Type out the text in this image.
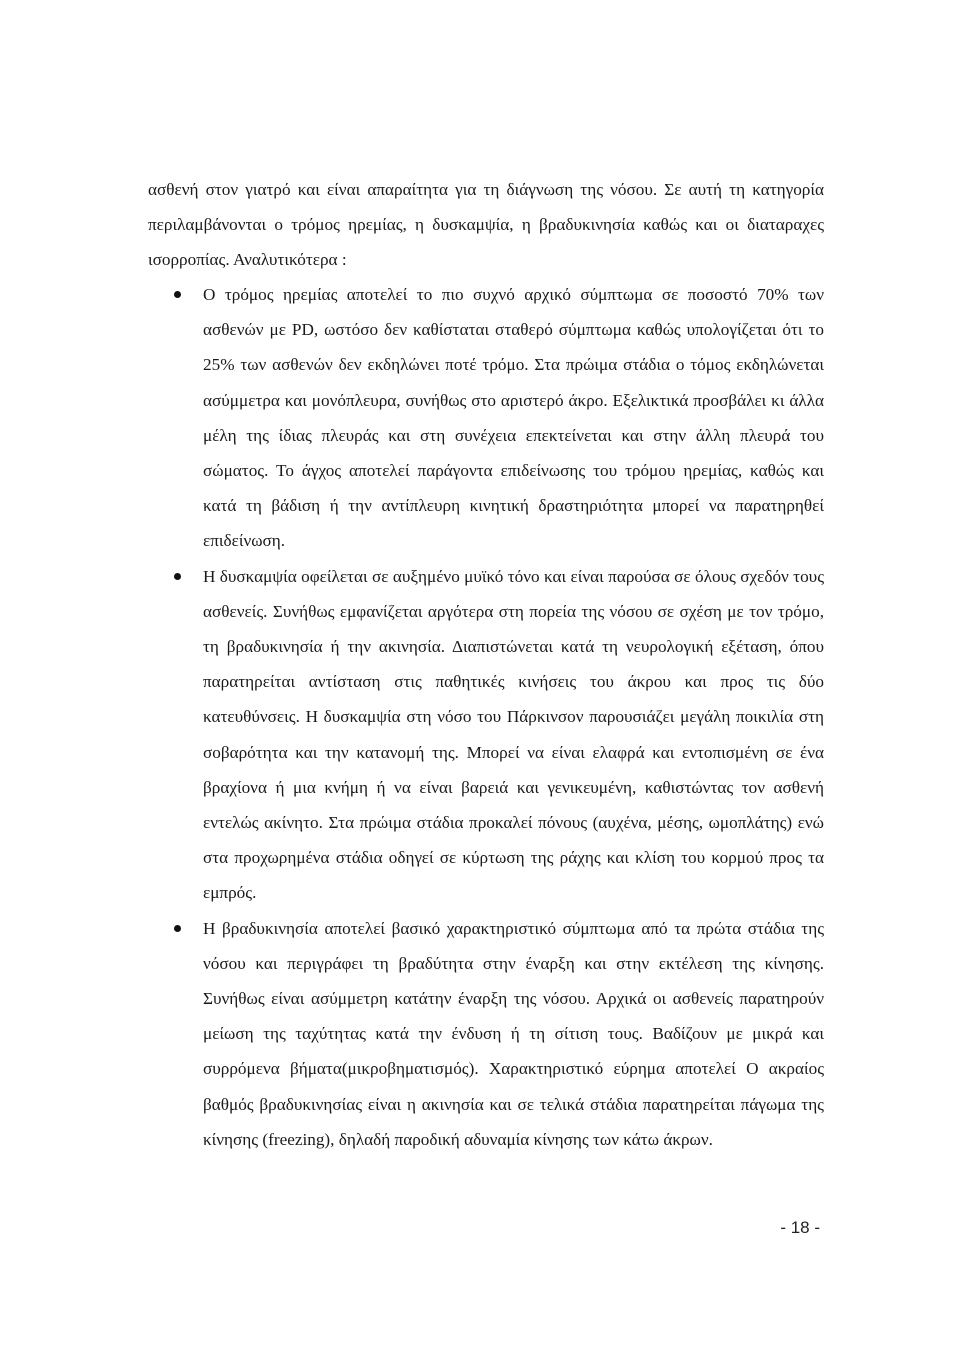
ασθενή στον γιατρό και είναι απαραίτητα για τη διάγνωση της νόσου. Σε αυτή τη κατηγορία περιλαμβάνονται ο τρόμος ηρεμίας, η δυσκαμψία, η βραδυκινησία καθώς και οι διαταραχες ισορροπίας. Αναλυτικότερα :

Ο τρόμος ηρεμίας αποτελεί το πιο συχνό αρχικό σύμπτωμα σε ποσοστό 70% των ασθενών με PD, ωστόσο δεν καθίσταται σταθερό σύμπτωμα καθώς υπολογίζεται ότι το 25% των ασθενών δεν εκδηλώνει ποτέ τρόμο. Στα πρώιμα στάδια ο τόμος εκδηλώνεται ασύμμετρα και μονόπλευρα, συνήθως στο αριστερό άκρο. Εξελικτικά προσβάλει κι άλλα μέλη της ίδιας πλευράς και στη συνέχεια επεκτείνεται και στην άλλη πλευρά του σώματος. Το άγχος αποτελεί παράγοντα επιδείνωσης του τρόμου ηρεμίας, καθώς και κατά τη βάδιση ή την αντίπλευρη κινητική δραστηριότητα μπορεί να παρατηρηθεί επιδείνωση.
Η δυσκαμψία οφείλεται σε αυξημένο μυϊκό τόνο και είναι παρούσα σε όλους σχεδόν τους ασθενείς. Συνήθως εμφανίζεται αργότερα στη πορεία της νόσου σε σχέση με τον τρόμο, τη βραδυκινησία ή την ακινησία. Διαπιστώνεται κατά τη νευρολογική εξέταση, όπου παρατηρείται αντίσταση στις παθητικές κινήσεις του άκρου και προς τις δύο κατευθύνσεις. Η δυσκαμψία στη νόσο του Πάρκινσον παρουσιάζει μεγάλη ποικιλία στη σοβαρότητα και την κατανομή της. Μπορεί να είναι ελαφρά και εντοπισμένη σε ένα βραχίονα ή μια κνήμη ή να είναι βαρειά και γενικευμένη, καθιστώντας τον ασθενή εντελώς ακίνητο. Στα πρώιμα στάδια προκαλεί πόνους (αυχένα, μέσης, ωμοπλάτης) ενώ στα προχωρημένα στάδια οδηγεί σε κύρτωση της ράχης και κλίση του κορμού προς τα εμπρός.
Η βραδυκινησία αποτελεί βασικό χαρακτηριστικό σύμπτωμα από τα πρώτα στάδια της νόσου και περιγράφει τη βραδύτητα στην έναρξη και στην εκτέλεση της κίνησης. Συνήθως είναι ασύμμετρη κατάτην έναρξη της νόσου. Αρχικά οι ασθενείς παρατηρούν μείωση της ταχύτητας κατά την ένδυση ή τη σίτιση τους. Βαδίζουν με μικρά και συρρόμενα βήματα(μικροβηματισμός). Χαρακτηριστικό εύρημα αποτελεί Ο ακραίος βαθμός βραδυκινησίας είναι η ακινησία και σε τελικά στάδια παρατηρείται πάγωμα της κίνησης (freezing), δηλαδή παροδική αδυναμία κίνησης των κάτω άκρων.
- 18 -
